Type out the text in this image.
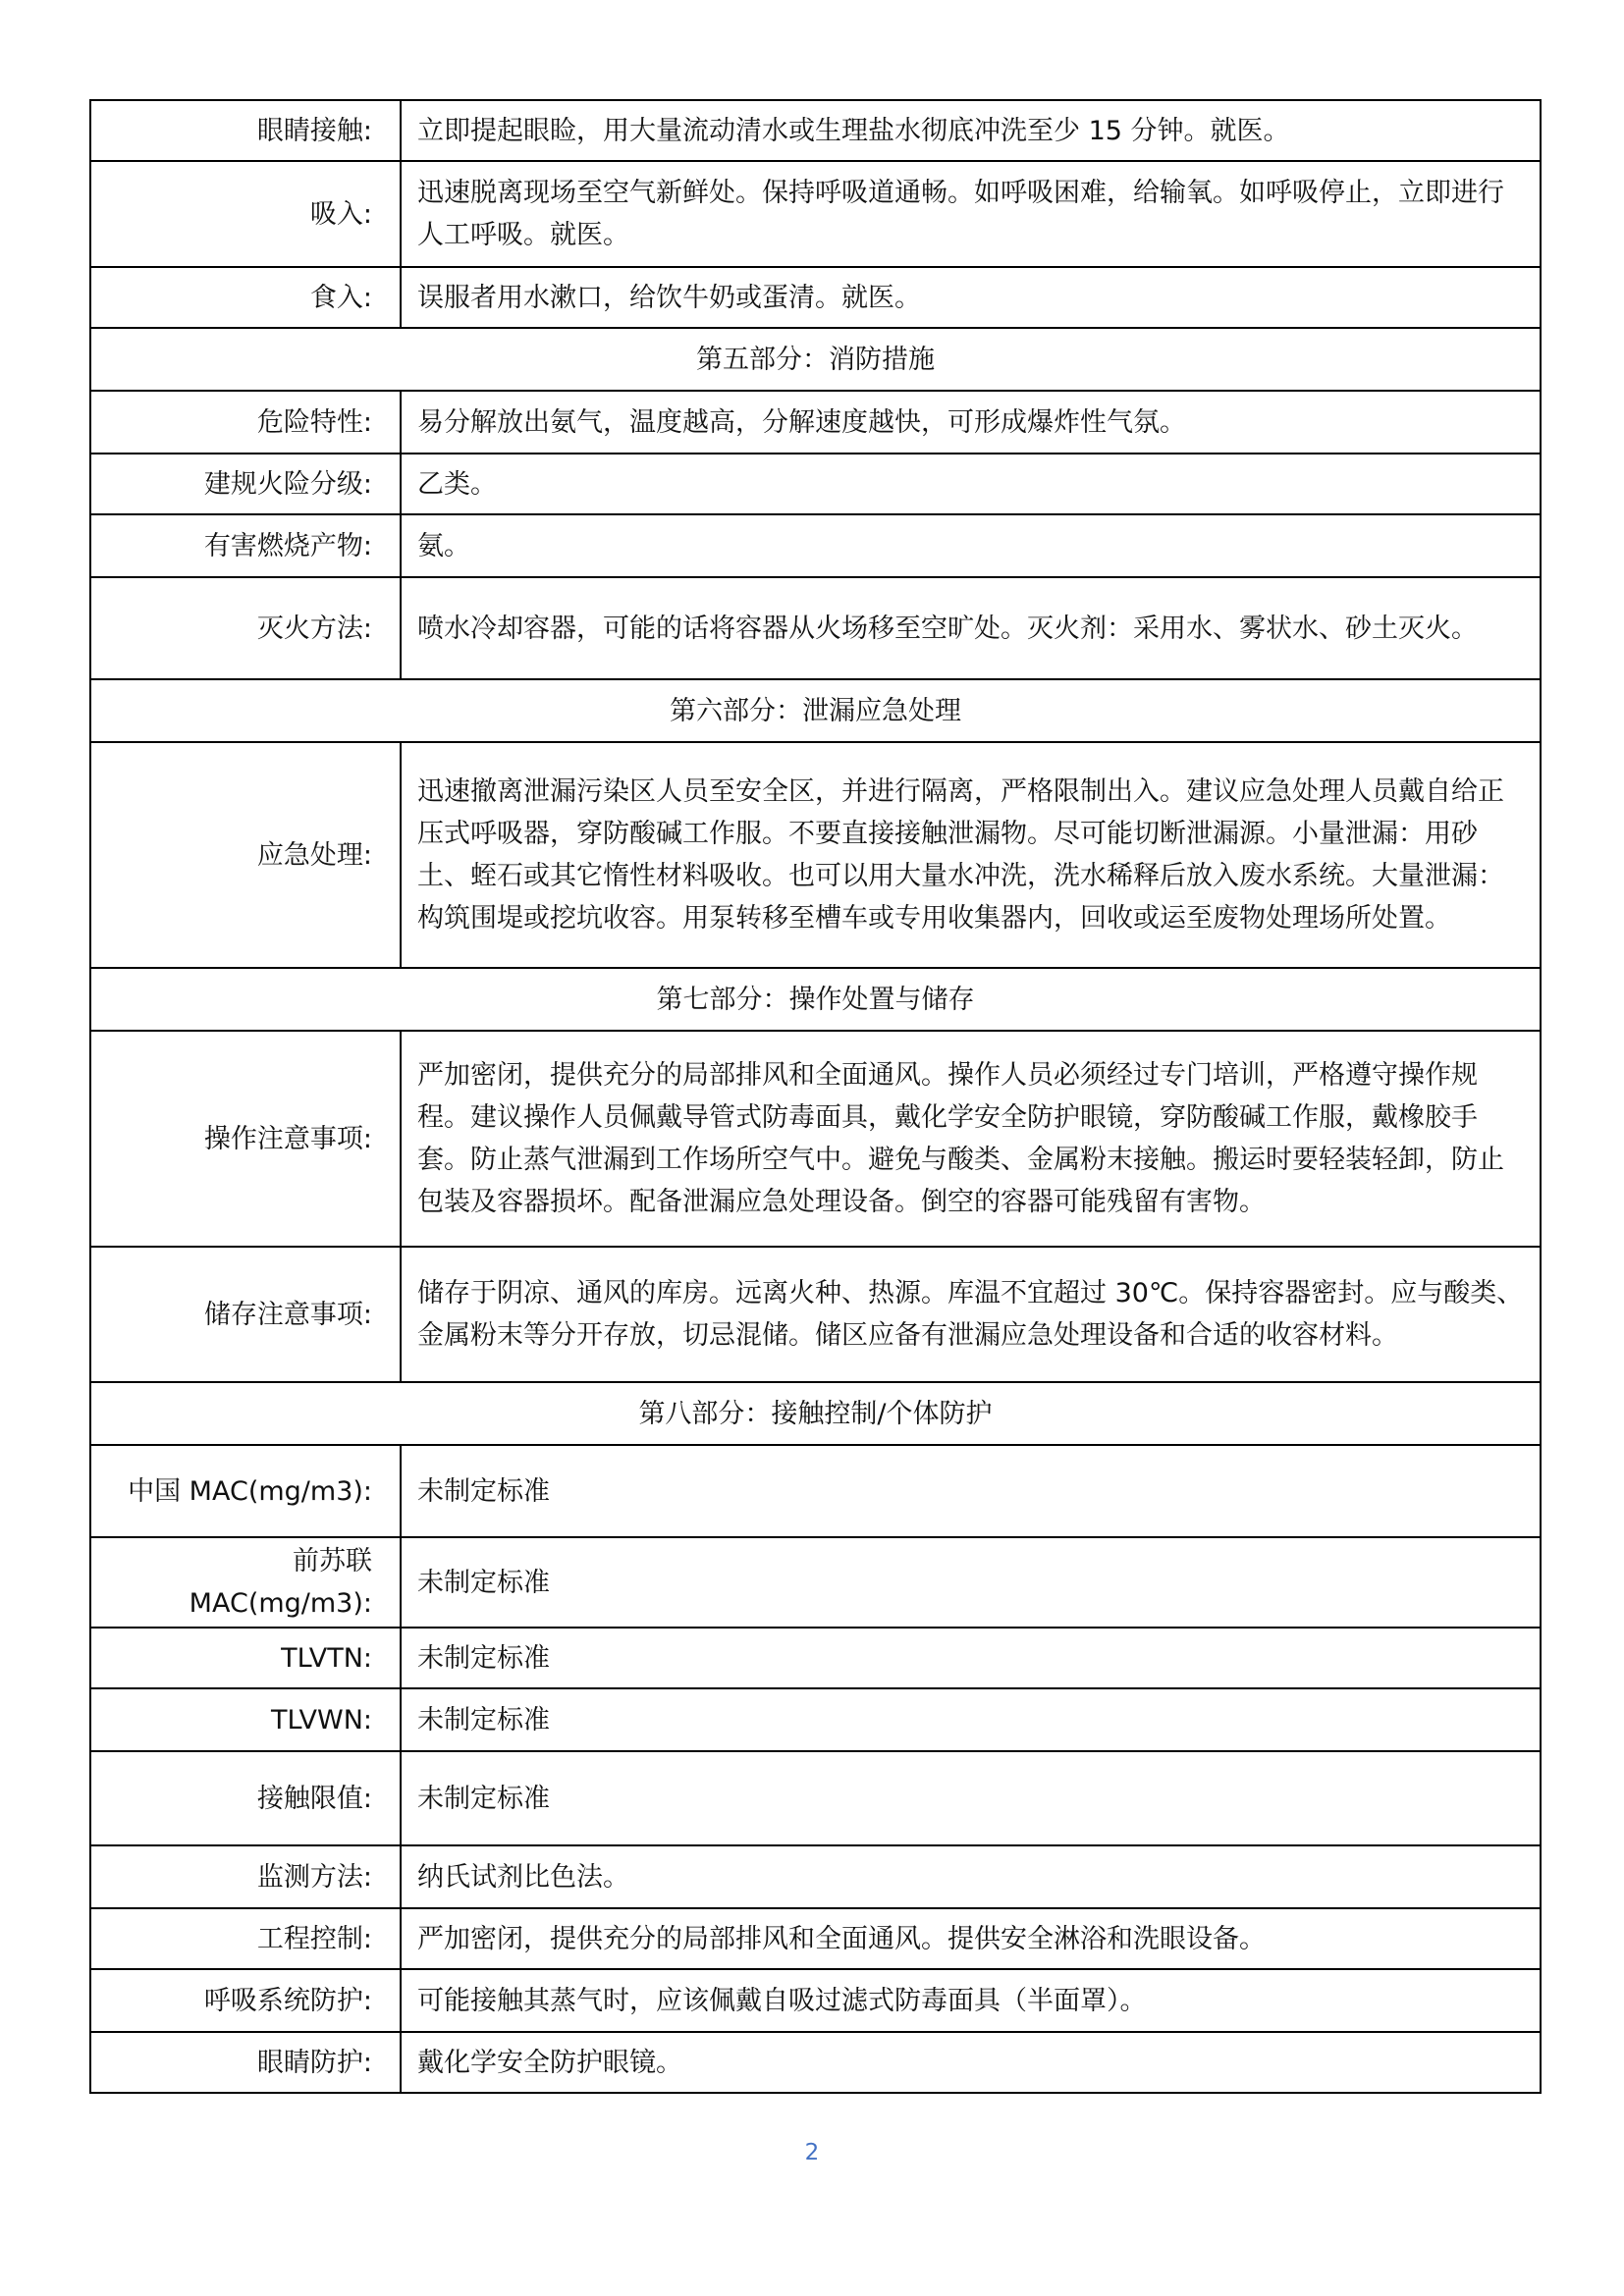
眼睛接触:	立即提起眼睑，用大量流动清水或生理盐水彻底冲洗至少 15 分钟。就医。
吸入:	迅速脱离现场至空气新鲜处。保持呼吸道通畅。如呼吸困难，给输氧。如呼吸停止，立即进行人工呼吸。就医。
食入:	误服者用水漱口，给饮牛奶或蛋清。就医。
第五部分：消防措施	
危险特性:	易分解放出氨气，温度越高，分解速度越快，可形成爆炸性气氛。
建规火险分级:	乙类。
有害燃烧产物:	氨。
灭火方法:	喷水冷却容器，可能的话将容器从火场移至空旷处。灭火剂：采用水、雾状水、砂土灭火。
第六部分：泄漏应急处理	
应急处理:	迅速撤离泄漏污染区人员至安全区，并进行隔离，严格限制出入。建议应急处理人员戴自给正压式呼吸器，穿防酸碱工作服。不要直接接触泄漏物。尽可能切断泄漏源。小量泄漏：用砂土、蛭石或其它惰性材料吸收。也可以用大量水冲洗，洗水稀释后放入废水系统。大量泄漏：构筑围堤或挖坑收容。用泵转移至槽车或专用收集器内，回收或运至废物处理场所处置。
第七部分：操作处置与储存	
操作注意事项:	严加密闭，提供充分的局部排风和全面通风。操作人员必须经过专门培训，严格遵守操作规程。建议操作人员佩戴导管式防毒面具，戴化学安全防护眼镜，穿防酸碱工作服，戴橡胶手套。防止蒸气泄漏到工作场所空气中。避免与酸类、金属粉末接触。搬运时要轻装轻卸，防止包装及容器损坏。配备泄漏应急处理设备。倒空的容器可能残留有害物。
储存注意事项:	储存于阴凉、通风的库房。远离火种、热源。库温不宜超过 30℃。保持容器密封。应与酸类、金属粉末等分开存放，切忌混储。储区应备有泄漏应急处理设备和合适的收容材料。
第八部分：接触控制/个体防护	
中国 MAC(mg/m3):	未制定标准

前苏联
MAC(mg/m3):	未制定标准
TLVTN:	未制定标准
TLVWN:	未制定标准
接触限值:	未制定标准
监测方法:	纳氏试剂比色法。
工程控制:	严加密闭，提供充分的局部排风和全面通风。提供安全淋浴和洗眼设备。
呼吸系统防护:	可能接触其蒸气时，应该佩戴自吸过滤式防毒面具（半面罩）。
眼睛防护:	戴化学安全防护眼镜。
2
